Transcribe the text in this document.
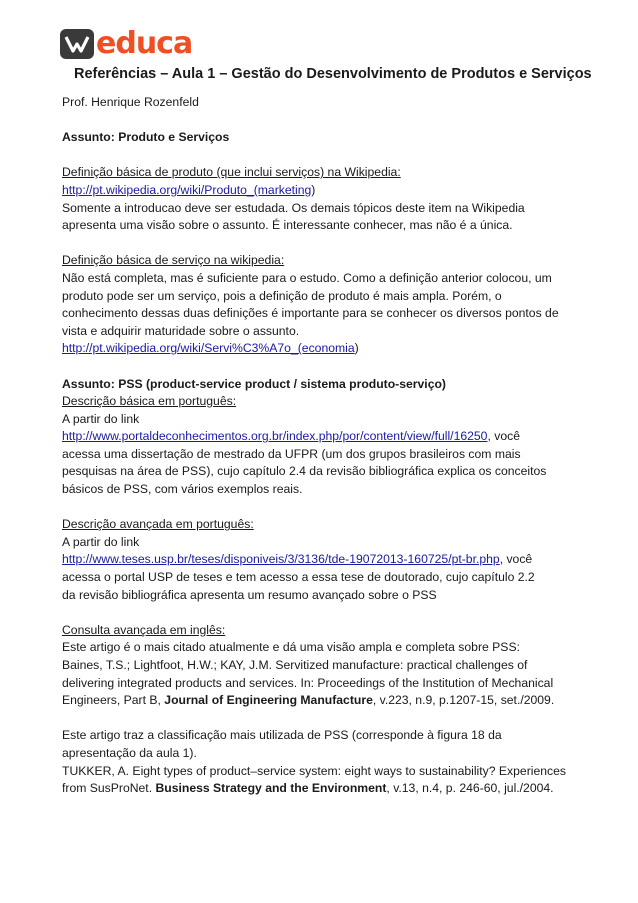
educa
Referências – Aula 1 – Gestão do Desenvolvimento de Produtos e Serviços

Prof. Henrique Rozenfeld

Assunto: Produto e Serviços

Definição básica de produto (que inclui serviços) na Wikipedia:

http://pt.wikipedia.org/wiki/Produto_(marketing)

Somente a introducao deve ser estudada. Os demais tópicos deste item na Wikipedia

apresenta uma visão sobre o assunto. É interessante conhecer, mas não é a única.

Definição básica de serviço na wikipedia:

Não está completa, mas é suficiente para o estudo. Como a definição anterior colocou, um

produto pode ser um serviço, pois a definição de produto é mais ampla. Porém, o

conhecimento dessas duas definições é importante para se conhecer os diversos pontos de

vista e adquirir maturidade sobre o assunto.

http://pt.wikipedia.org/wiki/Servi%C3%A7o_(economia)

Assunto: PSS (product-service product / sistema produto-serviço)

Descrição básica em português:

A partir do link

http://www.portaldeconhecimentos.org.br/index.php/por/content/view/full/16250, você

acessa uma dissertação de mestrado da UFPR (um dos grupos brasileiros com mais

pesquisas na área de PSS), cujo capítulo 2.4 da revisão bibliográfica explica os conceitos

básicos de PSS, com vários exemplos reais.

Descrição avançada em português:

A partir do link

http://www.teses.usp.br/teses/disponiveis/3/3136/tde-19072013-160725/pt-br.php, você

acessa o portal USP de teses e tem acesso a essa tese de doutorado, cujo capítulo 2.2

da revisão bibliográfica apresenta um resumo avançado sobre o PSS

Consulta avançada em inglês:

Este artigo é o mais citado atualmente e dá uma visão ampla e completa sobre PSS:

Baines, T.S.; Lightfoot, H.W.; KAY, J.M. Servitized manufacture: practical challenges of

delivering integrated products and services. In: Proceedings of the Institution of Mechanical

Engineers, Part B, Journal of Engineering Manufacture, v.223, n.9, p.1207-15, set./2009.

Este artigo traz a classificação mais utilizada de PSS (corresponde à figura 18 da

apresentação da aula 1).

TUKKER, A. Eight types of product–service system: eight ways to sustainability? Experiences

from SusProNet. Business Strategy and the Environment, v.13, n.4, p. 246-60, jul./2004.
